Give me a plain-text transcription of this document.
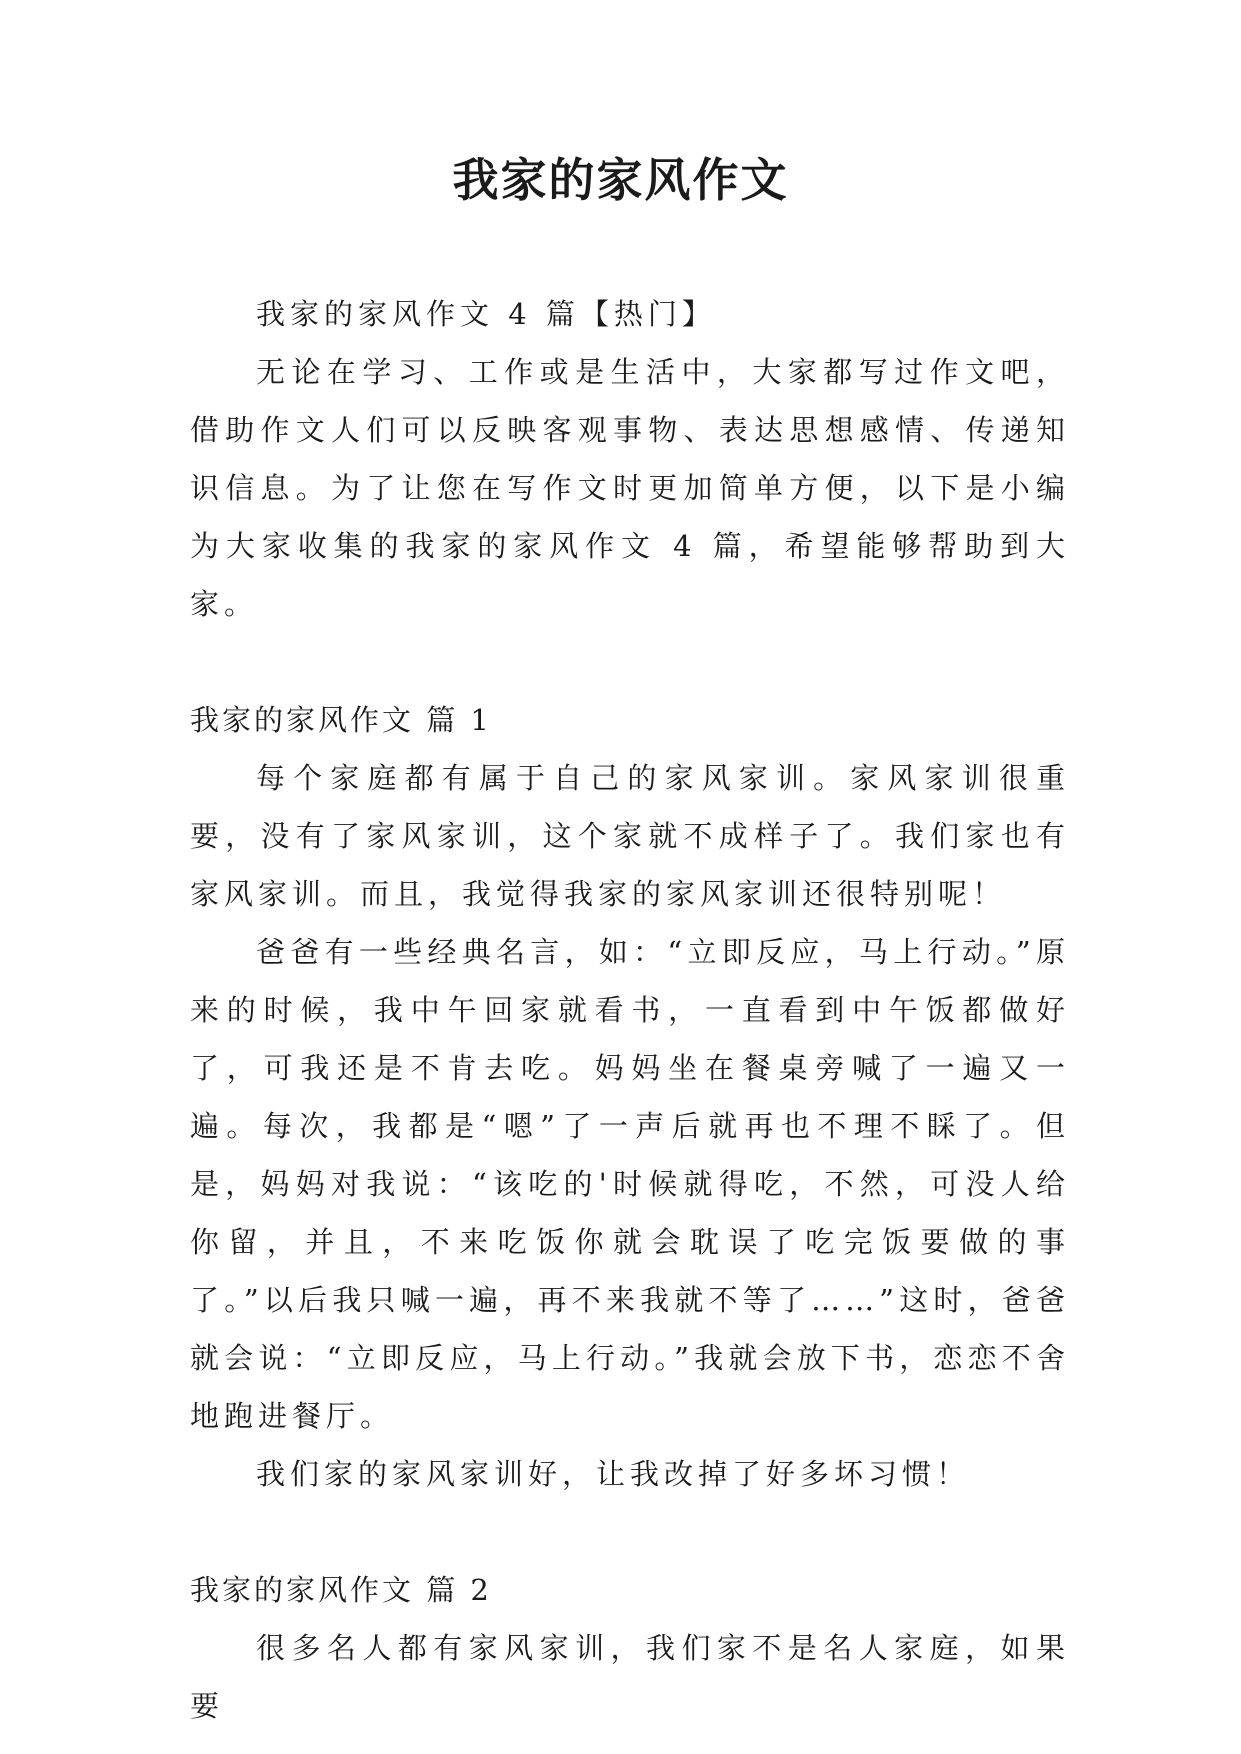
我家的家风作文

我家的家风作文 4 篇【热门】

无论在学习、工作或是生活中，大家都写过作文吧，借助作文人们可以反映客观事物、表达思想感情、传递知识信息。为了让您在写作文时更加简单方便，以下是小编为大家收集的我家的家风作文 4 篇，希望能够帮助到大家。

我家的家风作文 篇 1

每个家庭都有属于自己的家风家训。家风家训很重要，没有了家风家训，这个家就不成样子了。我们家也有家风家训。而且，我觉得我家的家风家训还很特别呢！

爸爸有一些经典名言，如：“立即反应，马上行动。”原来的时候，我中午回家就看书，一直看到中午饭都做好了，可我还是不肯去吃。妈妈坐在餐桌旁喊了一遍又一遍。每次，我都是“嗯”了一声后就再也不理不睬了。但是，妈妈对我说：“该吃的'时候就得吃，不然，可没人给你留，并且，不来吃饭你就会耽误了吃完饭要做的事了。”以后我只喊一遍，再不来我就不等了……”这时，爸爸就会说：“立即反应，马上行动。”我就会放下书，恋恋不舍地跑进餐厅。

我们家的家风家训好，让我改掉了好多坏习惯！

我家的家风作文 篇 2

很多名人都有家风家训，我们家不是名人家庭，如果要
